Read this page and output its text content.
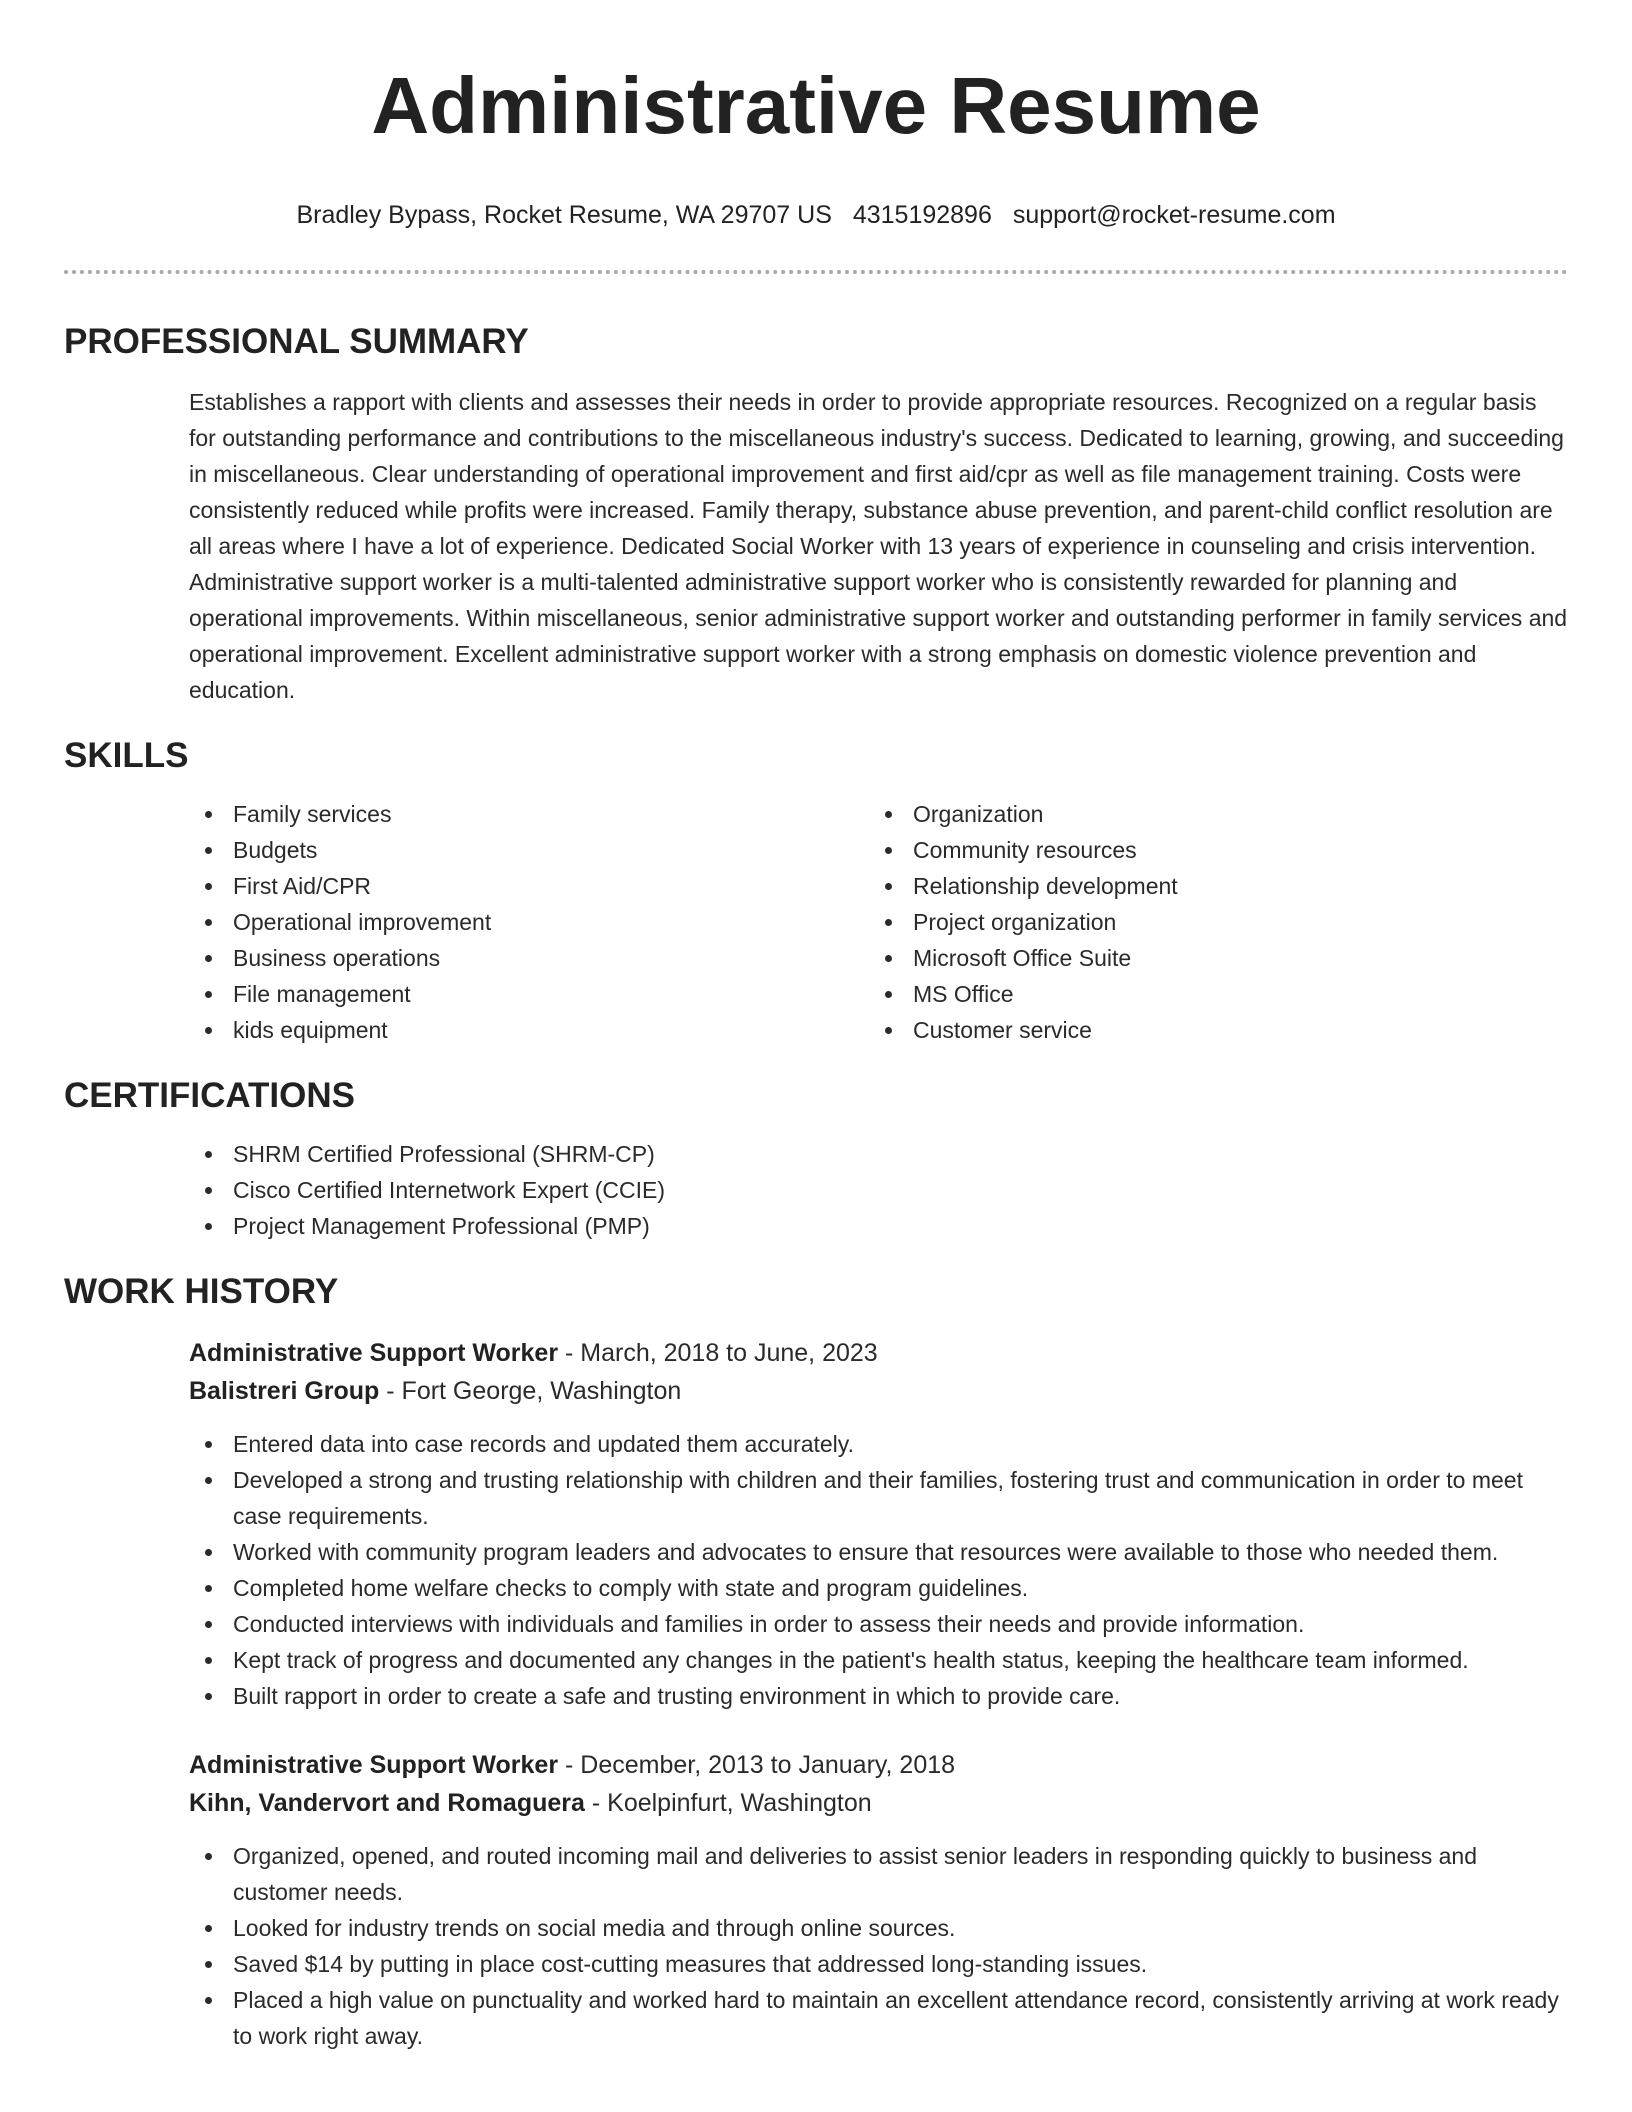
Administrative Resume
Bradley Bypass, Rocket Resume, WA 29707 US 4315192896 support@rocket-resume.com
PROFESSIONAL SUMMARY

Establishes a rapport with clients and assesses their needs in order to provide appropriate resources. Recognized on a regular basis for outstanding performance and contributions to the miscellaneous industry's success. Dedicated to learning, growing, and succeeding in miscellaneous. Clear understanding of operational improvement and first aid/cpr as well as file management training. Costs were consistently reduced while profits were increased. Family therapy, substance abuse prevention, and parent-child conflict resolution are all areas where I have a lot of experience. Dedicated Social Worker with 13 years of experience in counseling and crisis intervention. Administrative support worker is a multi-talented administrative support worker who is consistently rewarded for planning and operational improvements. Within miscellaneous, senior administrative support worker and outstanding performer in family services and operational improvement. Excellent administrative support worker with a strong emphasis on domestic violence prevention and education.

SKILLS
Family services
Budgets
First Aid/CPR
Operational improvement
Business operations
File management
kids equipment
Organization
Community resources
Relationship development
Project organization
Microsoft Office Suite
MS Office
Customer service
CERTIFICATIONS
SHRM Certified Professional (SHRM-CP)
Cisco Certified Internetwork Expert (CCIE)
Project Management Professional (PMP)
WORK HISTORY
Administrative Support Worker - March, 2018 to June, 2023
Balistreri Group - Fort George, Washington
Entered data into case records and updated them accurately.
Developed a strong and trusting relationship with children and their families, fostering trust and communication in order to meet case requirements.
Worked with community program leaders and advocates to ensure that resources were available to those who needed them.
Completed home welfare checks to comply with state and program guidelines.
Conducted interviews with individuals and families in order to assess their needs and provide information.
Kept track of progress and documented any changes in the patient's health status, keeping the healthcare team informed.
Built rapport in order to create a safe and trusting environment in which to provide care.
Administrative Support Worker - December, 2013 to January, 2018
Kihn, Vandervort and Romaguera - Koelpinfurt, Washington
Organized, opened, and routed incoming mail and deliveries to assist senior leaders in responding quickly to business and customer needs.
Looked for industry trends on social media and through online sources.
Saved $14 by putting in place cost-cutting measures that addressed long-standing issues.
Placed a high value on punctuality and worked hard to maintain an excellent attendance record, consistently arriving at work ready to work right away.
